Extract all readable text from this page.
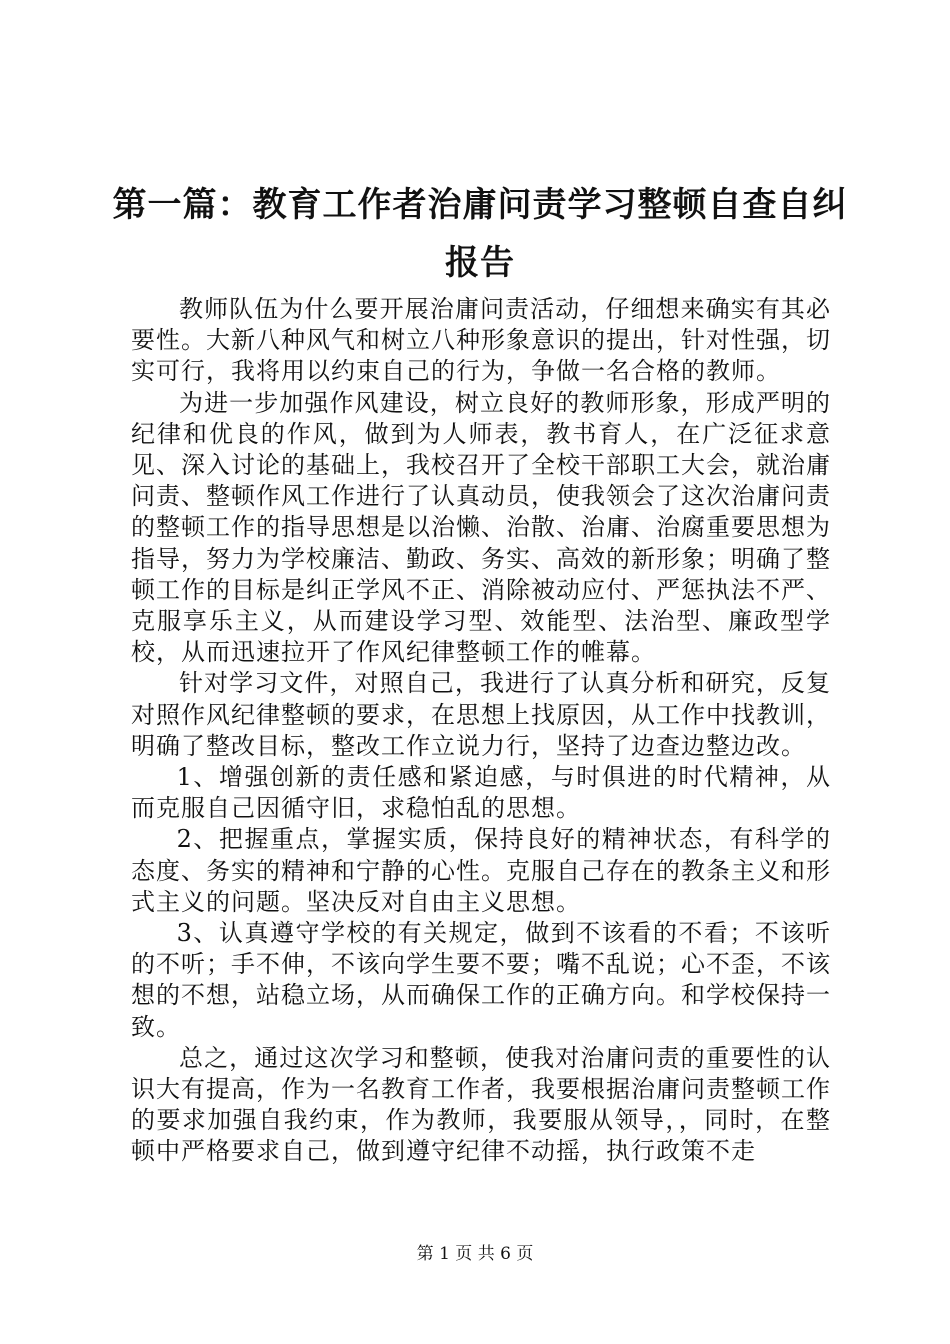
第一篇：教育工作者治庸问责学习整顿自查自纠报告

教师队伍为什么要开展治庸问责活动，仔细想来确实有其必要性。大新八种风气和树立八种形象意识的提出，针对性强，切实可行，我将用以约束自己的行为，争做一名合格的教师。

为进一步加强作风建设，树立良好的教师形象，形成严明的纪律和优良的作风，做到为人师表，教书育人，在广泛征求意见、深入讨论的基础上，我校召开了全校干部职工大会，就治庸问责、整顿作风工作进行了认真动员，使我领会了这次治庸问责的整顿工作的指导思想是以治懒、治散、治庸、治腐重要思想为指导，努力为学校廉洁、勤政、务实、高效的新形象；明确了整顿工作的目标是纠正学风不正、消除被动应付、严惩执法不严、克服享乐主义，从而建设学习型、效能型、法治型、廉政型学校，从而迅速拉开了作风纪律整顿工作的帷幕。

针对学习文件，对照自己，我进行了认真分析和研究，反复对照作风纪律整顿的要求，在思想上找原因，从工作中找教训，明确了整改目标，整改工作立说力行，坚持了边查边整边改。

1、增强创新的责任感和紧迫感，与时俱进的时代精神，从而克服自己因循守旧，求稳怕乱的思想。

2、把握重点，掌握实质，保持良好的精神状态，有科学的态度、务实的精神和宁静的心性。克服自己存在的教条主义和形式主义的问题。坚决反对自由主义思想。

3、认真遵守学校的有关规定，做到不该看的不看；不该听的不听；手不伸，不该向学生要不要；嘴不乱说；心不歪，不该想的不想，站稳立场，从而确保工作的正确方向。和学校保持一致。

总之，通过这次学习和整顿，使我对治庸问责的重要性的认识大有提高，作为一名教育工作者，我要根据治庸问责整顿工作的要求加强自我约束，作为教师，我要服从领导，，同时，在整顿中严格要求自己，做到遵守纪律不动摇，执行政策不走

第 1 页 共 6 页
